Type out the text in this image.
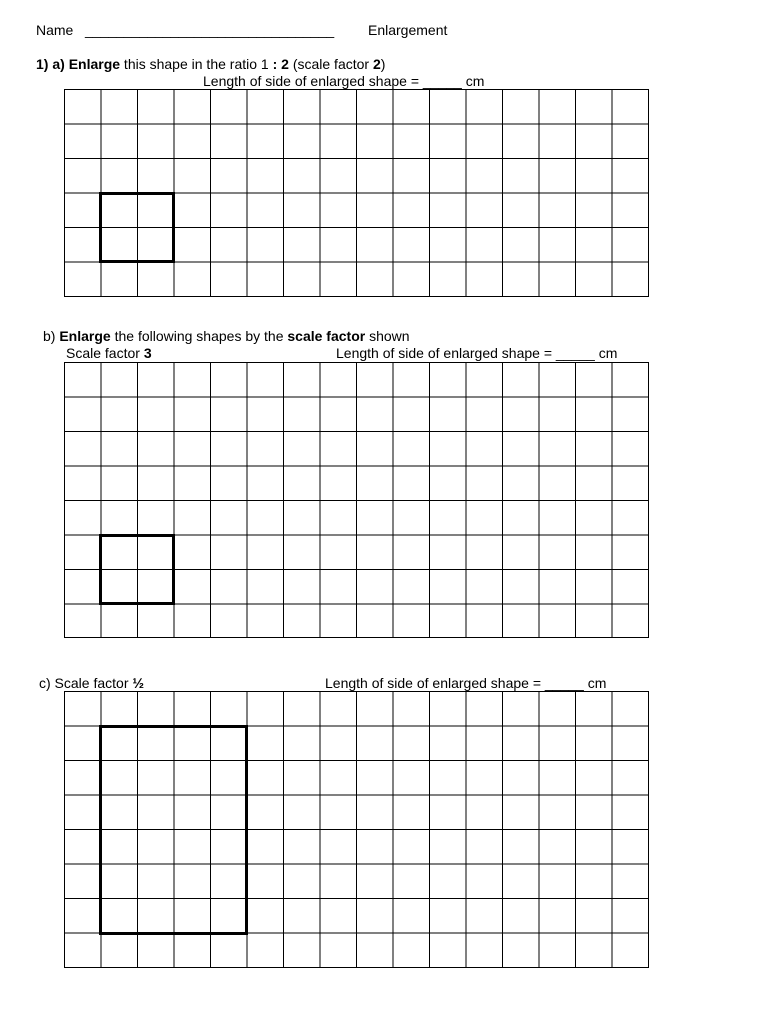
Name ________________________________ Enlargement
1) a) Enlarge this shape in the ratio 1 : 2 (scale factor 2)
Length of side of enlarged shape = _____ cm
b) Enlarge the following shapes by the scale factor shown
Scale factor 3	Length of side of enlarged shape = _____ cm
c) Scale factor ½	Length of side of enlarged shape = _____ cm
